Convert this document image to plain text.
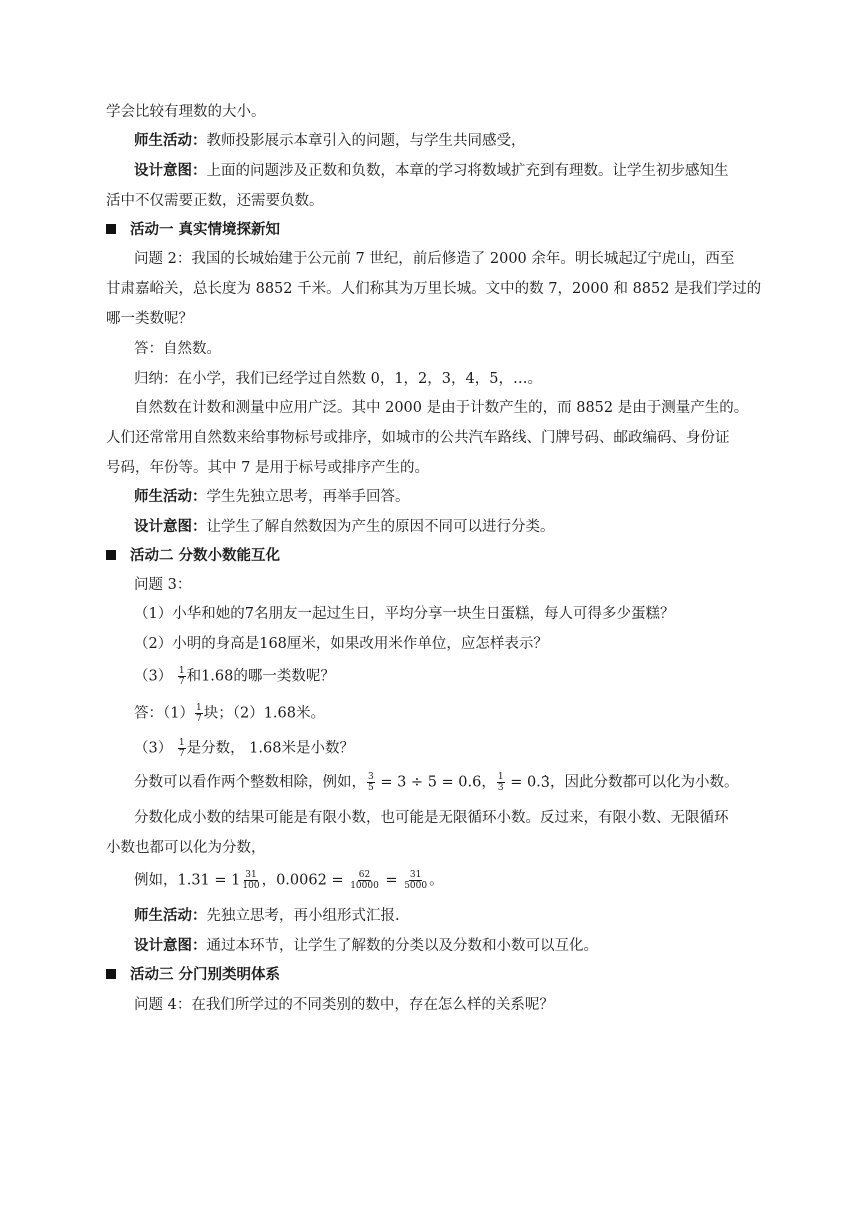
学会比较有理数的大小。
师生活动：教师投影展示本章引入的问题，与学生共同感受，
设计意图：上面的问题涉及正数和负数，本章的学习将数域扩充到有理数。让学生初步感知生
活中不仅需要正数，还需要负数。
活动一 真实情境探新知
问题 2：我国的长城始建于公元前 7 世纪，前后修造了 2000 余年。明长城起辽宁虎山，西至
甘肃嘉峪关，总长度为 8852 千米。人们称其为万里长城。文中的数 7，2000 和 8852 是我们学过的
哪一类数呢？
答：自然数。
归纳：在小学，我们已经学过自然数 0，1，2，3，4，5，…。
自然数在计数和测量中应用广泛。其中 2000 是由于计数产生的，而 8852 是由于测量产生的。
人们还常常用自然数来给事物标号或排序，如城市的公共汽车路线、门牌号码、邮政编码、身份证
号码，年份等。其中 7 是用于标号或排序产生的。
师生活动：学生先独立思考，再举手回答。
设计意图：让学生了解自然数因为产生的原因不同可以进行分类。
活动二 分数小数能互化
问题 3：
（1）小华和她的7名朋友一起过生日，平均分享一块生日蛋糕，每人可得多少蛋糕？
（2）小明的身高是168厘米，如果改用米作单位，应怎样表示？
$(3) \frac{1}{7}$ 和1.68的哪一类数呢？
答：$(1) \frac{1}{7}$ 块；（2）1.68米。
$(3) \frac{1}{7}$ 是分数， 1.68米是小数？
分数可以看作两个整数相除，例如， $\frac{3}{5} = 3 \div 5 = 0.6$， $\frac{1}{3} = 0.3$ ·，因此分数都可以化为小数。
分数化成小数的结果可能是有限小数，也可能是无限循环小数。反过来，有限小数、无限循环
小数也都可以化为分数，
例如，$1.31 = 1 \frac{31}{100}$ ，$0.0062 = \frac{62}{10000} = \frac{31}{5000}$ 。
师生活动：先独立思考，再小组形式汇报.
设计意图：通过本环节，让学生了解数的分类以及分数和小数可以互化。
活动三 分门别类明体系
问题 4：在我们所学过的不同类别的数中，存在怎么样的关系呢？
